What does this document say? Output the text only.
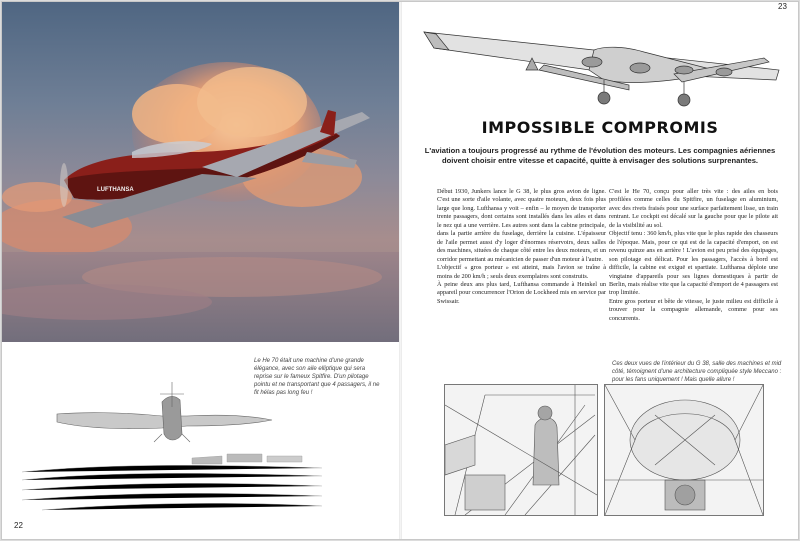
LUFTHANSA
Le He 70 était une machine d'une grande élégance, avec son aile elliptique qui sera reprise sur le fameux Spitfire. D'un pilotage pointu et ne transportant que 4 passagers, il ne fit hélas pas long feu !
22
IMPOSSIBLE COMPROMIS
L'aviation a toujours progressé au rythme de l'évolution des moteurs. Les compagnies aériennes doivent choisir entre vitesse et capacité, quitte à envisager des solutions surprenantes.

Début 1930, Junkers lance le G 38, le plus gros avion de ligne. C'est une sorte d'aile volante, avec quatre moteurs, deux fois plus large que long. Lufthansa y voit – enfin – le moyen de transporter trente passagers, dont certains sont installés dans les ailes et dans le nez qui a une verrière. Les autres sont dans la cabine principale, dans la partie arrière du fuselage, derrière la cuisine. L'épaisseur de l'aile permet aussi d'y loger d'énormes réservoirs, deux salles des machines, situées de chaque côté entre les deux moteurs, et un corridor permettant au mécanicien de passer d'un moteur à l'autre.

L'objectif « gros porteur » est atteint, mais l'avion se traîne à moins de 200 km/h ; seuls deux exemplaires sont construits.

À peine deux ans plus tard, Lufthansa commande à Heinkel un appareil pour concurrencer l'Orion de Lockheed mis en service par Swissair.

C'est le He 70, conçu pour aller très vite : des ailes en bois profilées comme celles du Spitfire, un fuselage en aluminium, avec des rivets fraisés pour une surface parfaitement lisse, un train rentrant. Le cockpit est décalé sur la gauche pour que le pilote ait de la visibilité au sol.

Objectif tenu : 360 km/h, plus vite que le plus rapide des chasseurs de l'époque. Mais, pour ce qui est de la capacité d'emport, on est revenu quinze ans en arrière ! L'avion est peu prisé des équipages, son pilotage est délicat. Pour les passagers, l'accès à bord est difficile, la cabine est exiguë et spartiate. Lufthansa déploie une vingtaine d'appareils pour ses lignes domestiques à partir de Berlin, mais réalise vite que la capacité d'emport de 4 passagers est trop limitée.

Entre gros porteur et bête de vitesse, le juste milieu est difficile à trouver pour la compagnie allemande, comme pour ses concurrents.

Ces deux vues de l'intérieur du G 38, salle des machines et mid côté, témoignent d'une architecture compliquée style Meccano : pour les fans uniquement ! Mais quelle allure !
23
